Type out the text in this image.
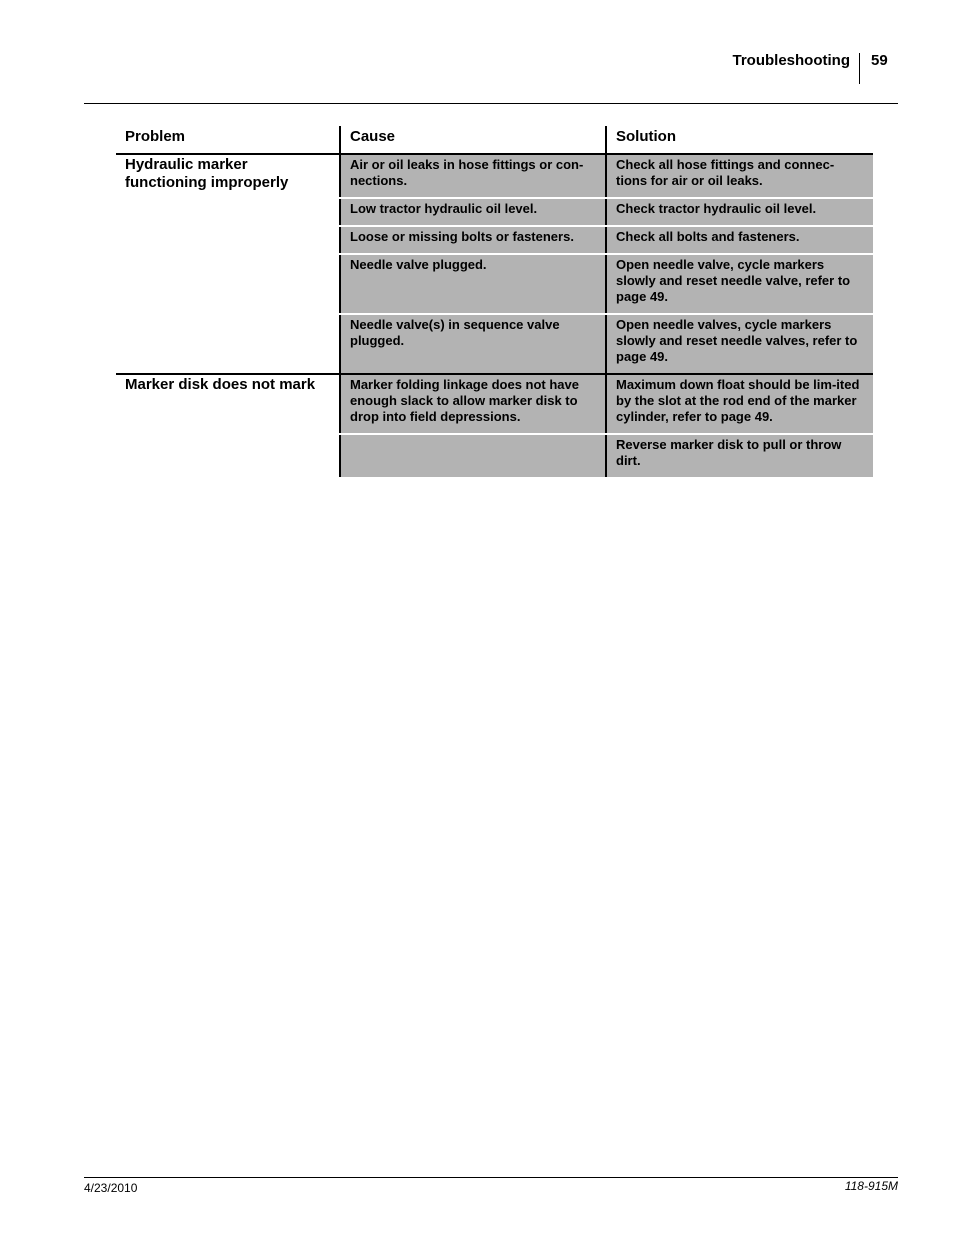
Troubleshooting 59
Problem	Cause	Solution
Hydraulic marker functioning improperly	Air or oil leaks in hose fittings or con-nections.	Check all hose fittings and connec-tions for air or oil leaks.
	Low tractor hydraulic oil level.	Check tractor hydraulic oil level.
	Loose or missing bolts or fasteners.	Check all bolts and fasteners.
	Needle valve plugged.	Open needle valve, cycle markers slowly and reset needle valve, refer to page 49.
	Needle valve(s) in sequence valve plugged.	Open needle valves, cycle markers slowly and reset needle valves, refer to page 49.
Marker disk does not mark	Marker folding linkage does not have enough slack to allow marker disk to drop into field depressions.	Maximum down float should be lim-ited by the slot at the rod end of the marker cylinder, refer to page 49.
		Reverse marker disk to pull or throw dirt.
4/23/2010	118-915M
